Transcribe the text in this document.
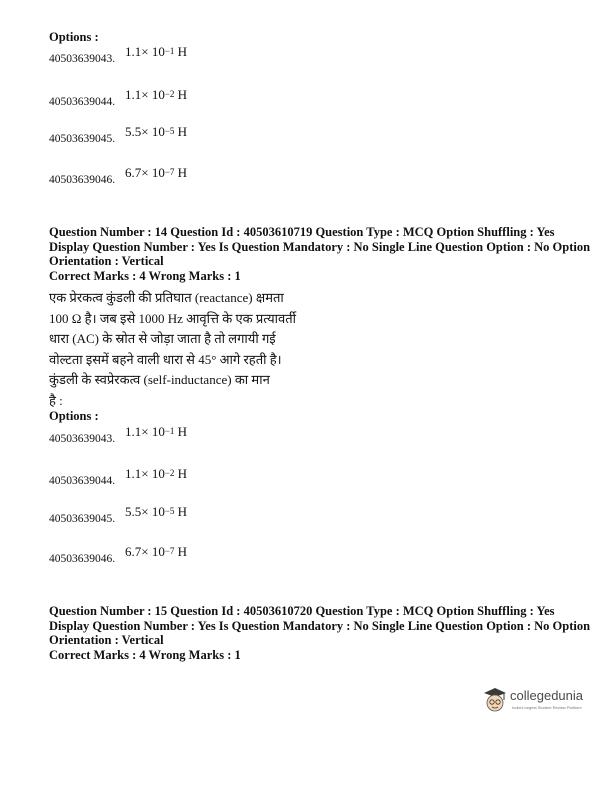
Options :
40503639043. $1.1\times 10^{-1}$ H
40503639044. $1.1\times 10^{-2}$ H
40503639045. $5.5\times 10^{-5}$ H
40503639046. $6.7\times 10^{-7}$ H
Question Number : 14 Question Id : 40503610719 Question Type : MCQ Option Shuffling : Yes
Display Question Number : Yes Is Question Mandatory : No Single Line Question Option : No Option
Orientation : Vertical
Correct Marks : 4 Wrong Marks : 1
एक प्रेरकत्व कुंडली की प्रतिघात (reactance) क्षमता
100 Ω है। जब इसे 1000 Hz आवृत्ति के एक प्रत्यावर्ती
धारा (AC) के स्रोत से जोड़ा जाता है तो लगायी गई
वोल्टता इसमें बहने वाली धारा से 45° आगे रहती है।
कुंडली के स्वप्रेरकत्व (self-inductance) का मान
है :
Options :
40503639043. $1.1\times 10^{-1}$ H
40503639044. $1.1\times 10^{-2}$ H
40503639045. $5.5\times 10^{-5}$ H
40503639046. $6.7\times 10^{-7}$ H
Question Number : 15 Question Id : 40503610720 Question Type : MCQ Option Shuffling : Yes
Display Question Number : Yes Is Question Mandatory : No Single Line Question Option : No Option
Orientation : Vertical
Correct Marks : 4 Wrong Marks : 1
collegedunia
India's largest Student Review Platform
